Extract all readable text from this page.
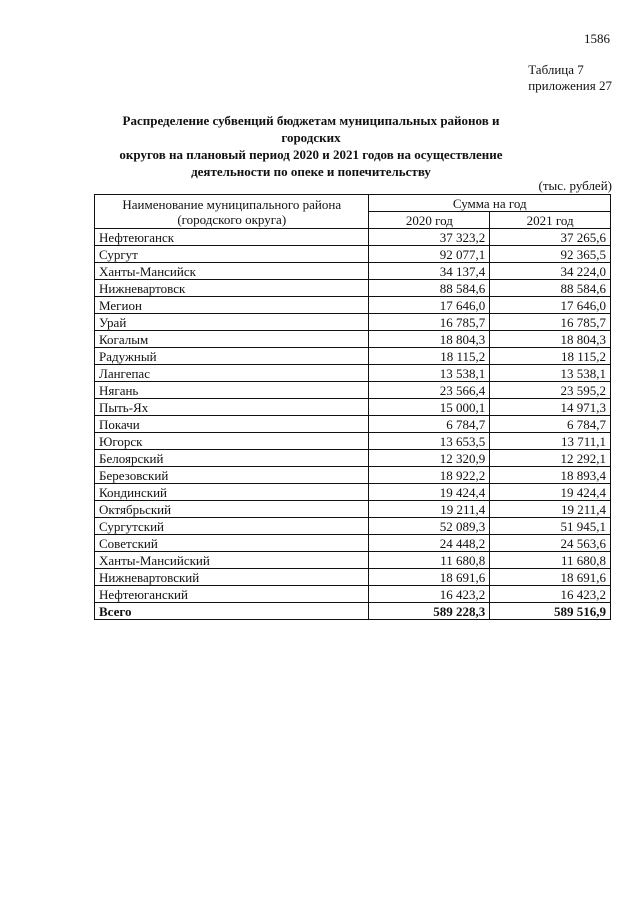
1586
Таблица 7
приложения 27
Распределение субвенций бюджетам муниципальных районов и городских
округов на плановый период 2020 и 2021 годов на осуществление
деятельности по опеке и попечительству
(тыс. рублей)
Наименование муниципального района
(городского округа)	Сумма на год	
	2020 год	2021 год
Нефтеюганск	37 323,2	37 265,6
Сургут	92 077,1	92 365,5
Ханты-Мансийск	34 137,4	34 224,0
Нижневартовск	88 584,6	88 584,6
Мегион	17 646,0	17 646,0
Урай	16 785,7	16 785,7
Когалым	18 804,3	18 804,3
Радужный	18 115,2	18 115,2
Лангепас	13 538,1	13 538,1
Нягань	23 566,4	23 595,2
Пыть-Ях	15 000,1	14 971,3
Покачи	6 784,7	6 784,7
Югорск	13 653,5	13 711,1
Белоярский	12 320,9	12 292,1
Березовский	18 922,2	18 893,4
Кондинский	19 424,4	19 424,4
Октябрьский	19 211,4	19 211,4
Сургутский	52 089,3	51 945,1
Советский	24 448,2	24 563,6
Ханты-Мансийский	11 680,8	11 680,8
Нижневартовский	18 691,6	18 691,6
Нефтеюганский	16 423,2	16 423,2
Всего	589 228,3	589 516,9
